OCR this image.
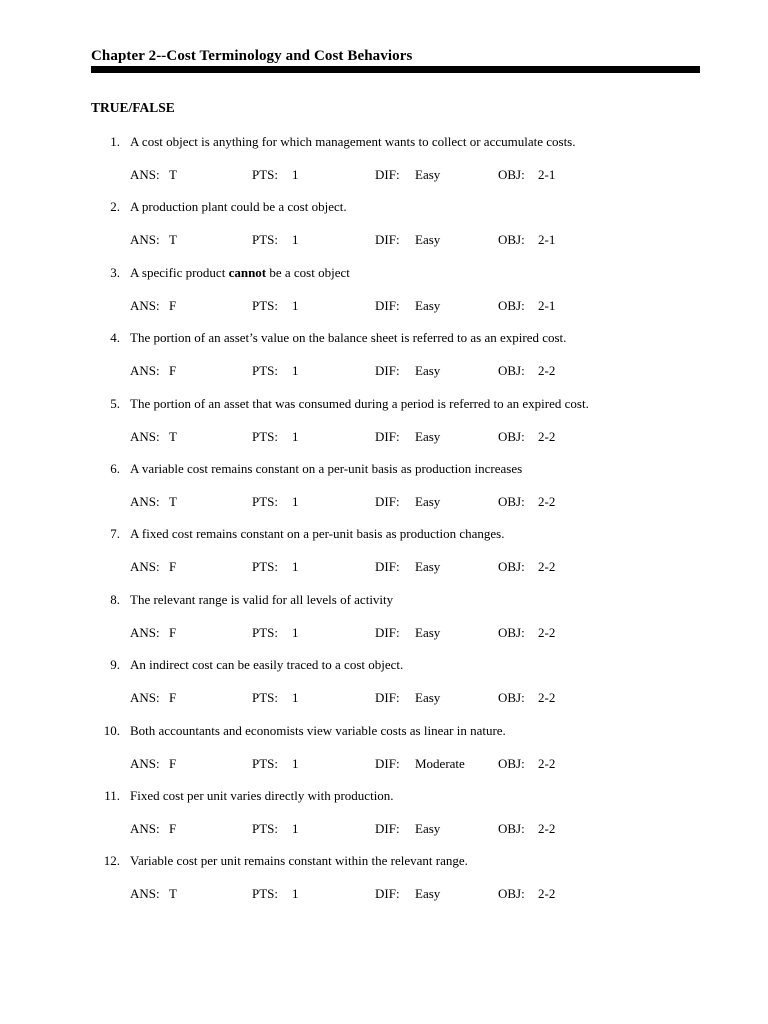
Chapter 2--Cost Terminology and Cost Behaviors
TRUE/FALSE
1. A cost object is anything for which management wants to collect or accumulate costs.
ANS: T	PTS: 1	DIF: Easy	OBJ: 2-1
2. A production plant could be a cost object.
ANS: T	PTS: 1	DIF: Easy	OBJ: 2-1
3. A specific product cannot be a cost object
ANS: F	PTS: 1	DIF: Easy	OBJ: 2-1
4. The portion of an asset’s value on the balance sheet is referred to as an expired cost.
ANS: F	PTS: 1	DIF: Easy	OBJ: 2-2
5. The portion of an asset that was consumed during a period is referred to an expired cost.
ANS: T	PTS: 1	DIF: Easy	OBJ: 2-2
6. A variable cost remains constant on a per-unit basis as production increases
ANS: T	PTS: 1	DIF: Easy	OBJ: 2-2
7. A fixed cost remains constant on a per-unit basis as production changes.
ANS: F	PTS: 1	DIF: Easy	OBJ: 2-2
8. The relevant range is valid for all levels of activity
ANS: F	PTS: 1	DIF: Easy	OBJ: 2-2
9. An indirect cost can be easily traced to a cost object.
ANS: F	PTS: 1	DIF: Easy	OBJ: 2-2
10. Both accountants and economists view variable costs as linear in nature.
ANS: F	PTS: 1	DIF: Moderate	OBJ: 2-2
11. Fixed cost per unit varies directly with production.
ANS: F	PTS: 1	DIF: Easy	OBJ: 2-2
12. Variable cost per unit remains constant within the relevant range.
ANS: T	PTS: 1	DIF: Easy	OBJ: 2-2
